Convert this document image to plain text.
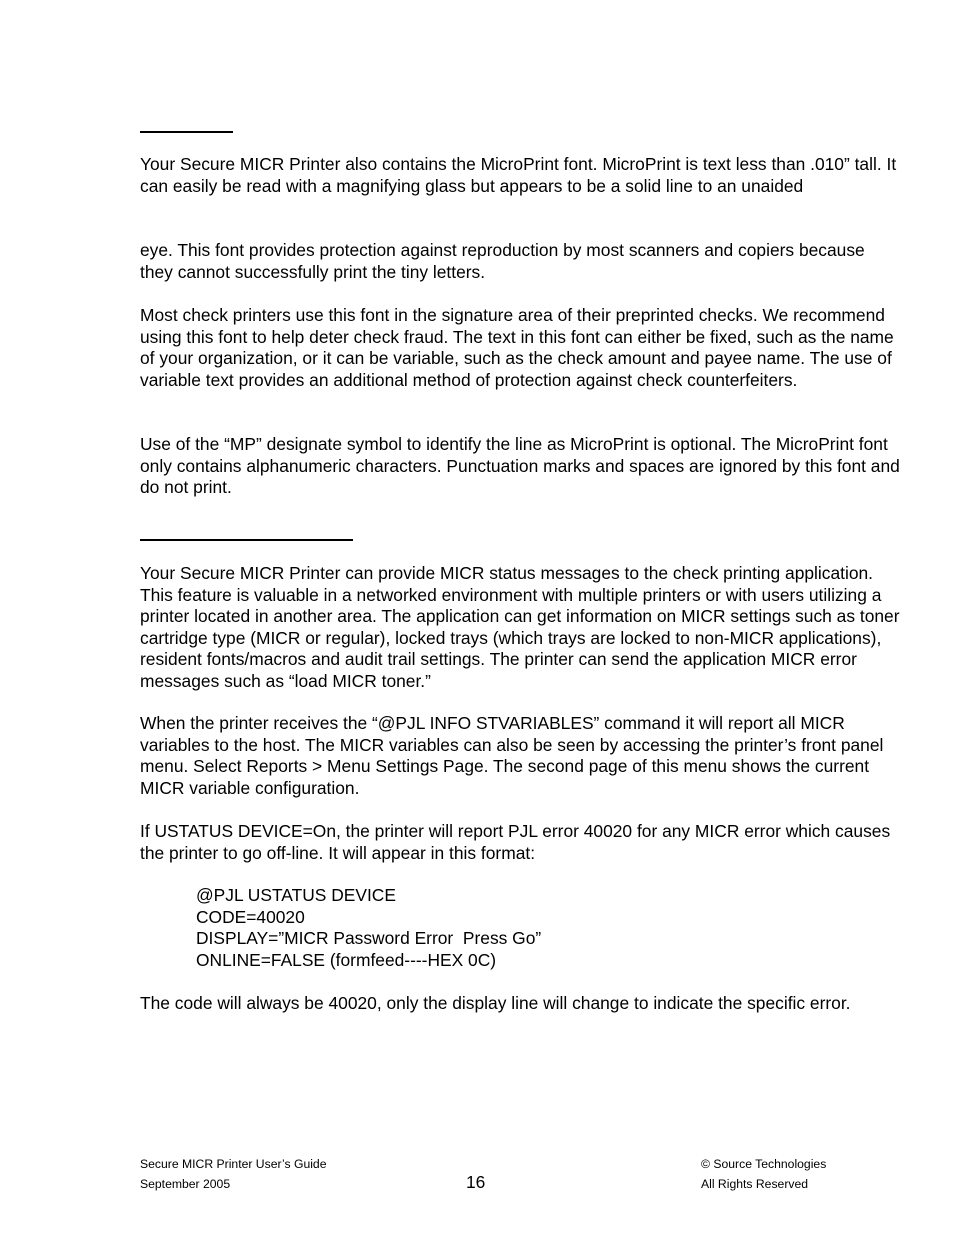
Your Secure MICR Printer also contains the MicroPrint font. MicroPrint is text less than .010” tall. It can easily be read with a magnifying glass but appears to be a solid line to an unaided

eye. This font provides protection against reproduction by most scanners and copiers because they cannot successfully print the tiny letters.

Most check printers use this font in the signature area of their preprinted checks. We recommend using this font to help deter check fraud. The text in this font can either be fixed, such as the name of your organization, or it can be variable, such as the check amount and payee name. The use of variable text provides an additional method of protection against check counterfeiters.

Use of the “MP” designate symbol to identify the line as MicroPrint is optional. The MicroPrint font only contains alphanumeric characters. Punctuation marks and spaces are ignored by this font and do not print.

Your Secure MICR Printer can provide MICR status messages to the check printing application. This feature is valuable in a networked environment with multiple printers or with users utilizing a printer located in another area. The application can get information on MICR settings such as toner cartridge type (MICR or regular), locked trays (which trays are locked to non-MICR applications), resident fonts/macros and audit trail settings. The printer can send the application MICR error messages such as “load MICR toner.”

When the printer receives the “@PJL INFO STVARIABLES” command it will report all MICR variables to the host. The MICR variables can also be seen by accessing the printer’s front panel menu. Select Reports > Menu Settings Page. The second page of this menu shows the current MICR variable configuration.

If USTATUS DEVICE=On, the printer will report PJL error 40020 for any MICR error which causes the printer to go off-line. It will appear in this format:

@PJL USTATUS DEVICE
CODE=40020
DISPLAY=”MICR Password Error  Press Go”
ONLINE=FALSE (formfeed----HEX 0C)

The code will always be 40020, only the display line will change to indicate the specific error.

Secure MICR Printer User’s Guide
September 2005	16
© Source Technologies
All Rights Reserved
